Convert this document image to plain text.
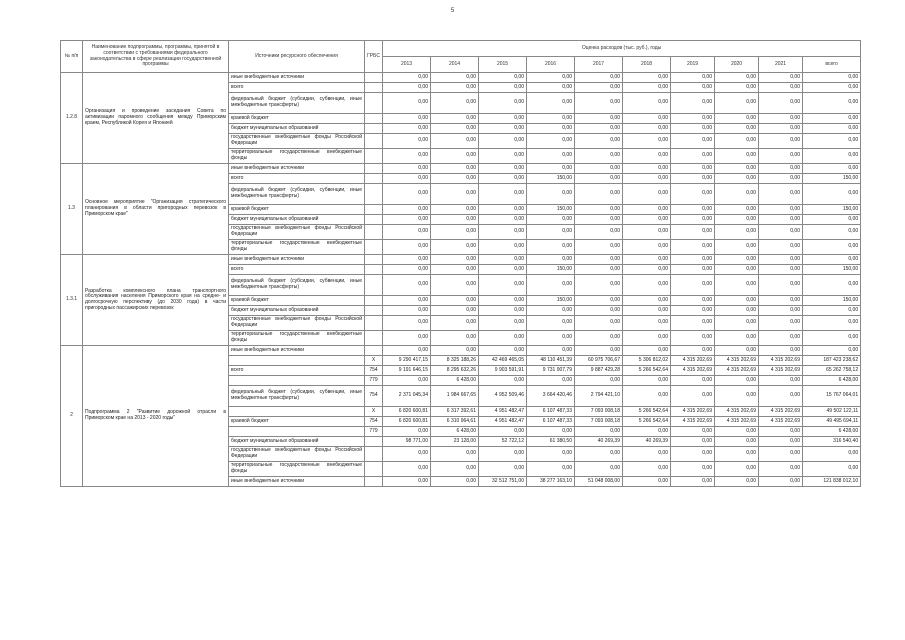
5
№ п/п	Наименование подпрограммы, программы, принятой в соответствии с требованиями федерального законодательства в сфере реализации государственной программы	Источники ресурсного обеспечения	ГРБС	Оценка расходов (тыс. руб.), годы									
				2013	2014	2015	2016	2017	2018	2019	2020	2021	всего
1.2.8	Организация и проведение заседания Совета по активизации паромного сообщения между Приморским краем, Республикой Корея и Японией	иные внебюджетные источники		0,00	0,00	0,00	0,00	0,00	0,00	0,00	0,00	0,00	0,00
		всего		0,00	0,00	0,00	0,00	0,00	0,00	0,00	0,00	0,00	0,00
		федеральный бюджет (субсидии, субвенции, иные межбюджетные трансферты)		0,00	0,00	0,00	0,00	0,00	0,00	0,00	0,00	0,00	0,00
		краевой бюджет		0,00	0,00	0,00	0,00	0,00	0,00	0,00	0,00	0,00	0,00
		бюджет муниципальных образований		0,00	0,00	0,00	0,00	0,00	0,00	0,00	0,00	0,00	0,00
		государственные внебюджетные фонды Российской Федерации		0,00	0,00	0,00	0,00	0,00	0,00	0,00	0,00	0,00	0,00
		территориальные государственные внебюджетные фонды		0,00	0,00	0,00	0,00	0,00	0,00	0,00	0,00	0,00	0,00
1.3	Основное мероприятие "Организация стратегического планирования в области пригородных перевозок в Приморском крае"	иные внебюджетные источники		0,00	0,00	0,00	0,00	0,00	0,00	0,00	0,00	0,00	0,00
		всего		0,00	0,00	0,00	150,00	0,00	0,00	0,00	0,00	0,00	150,00
		федеральный бюджет (субсидии, субвенции, иные межбюджетные трансферты)		0,00	0,00	0,00	0,00	0,00	0,00	0,00	0,00	0,00	0,00
		краевой бюджет		0,00	0,00	0,00	150,00	0,00	0,00	0,00	0,00	0,00	150,00
		бюджет муниципальных образований		0,00	0,00	0,00	0,00	0,00	0,00	0,00	0,00	0,00	0,00
		государственные внебюджетные фонды Российской Федерации		0,00	0,00	0,00	0,00	0,00	0,00	0,00	0,00	0,00	0,00
		территориальные государственные внебюджетные фонды		0,00	0,00	0,00	0,00	0,00	0,00	0,00	0,00	0,00	0,00
1.3.1	Разработка комплексного плана транспортного обслуживания населения Приморского края на средне- и долгосрочную перспективу (до 2030 года) в части пригородных пассажирских перевозок	иные внебюджетные источники		0,00	0,00	0,00	0,00	0,00	0,00	0,00	0,00	0,00	0,00
		всего		0,00	0,00	0,00	150,00	0,00	0,00	0,00	0,00	0,00	150,00
		федеральный бюджет (субсидии, субвенции, иные межбюджетные трансферты)		0,00	0,00	0,00	0,00	0,00	0,00	0,00	0,00	0,00	0,00
		краевой бюджет		0,00	0,00	0,00	150,00	0,00	0,00	0,00	0,00	0,00	150,00
		бюджет муниципальных образований		0,00	0,00	0,00	0,00	0,00	0,00	0,00	0,00	0,00	0,00
		государственные внебюджетные фонды Российской Федерации		0,00	0,00	0,00	0,00	0,00	0,00	0,00	0,00	0,00	0,00
		территориальные государственные внебюджетные фонды		0,00	0,00	0,00	0,00	0,00	0,00	0,00	0,00	0,00	0,00
2	Подпрограмма 2 "Развитие дорожной отрасли в Приморском крае на 2013 - 2020 годы"	иные внебюджетные источники		0,00	0,00	0,00	0,00	0,00	0,00	0,00	0,00	0,00	0,00
			X	9 290 417,15	8 325 188,26	42 469 465,05	48 110 451,39	60 975 706,67	5 306 812,02	4 315 202,69	4 315 202,69	4 315 202,69	187 423 238,62
		всего	754	9 191 646,15	8 295 632,26	9 903 591,91	9 731 907,79	9 887 429,28	5 266 542,64	4 315 202,69	4 315 202,69	4 315 202,69	65 262 758,12
			779	0,00	6 428,00	0,00	0,00	0,00	0,00	0,00	0,00	0,00	6 428,00
		федеральный бюджет (субсидии, субвенции, иные межбюджетные трансферты)	754	2 371 045,34	1 984 667,65	4 952 509,46	3 664 420,46	2 794 421,10	0,00	0,00	0,00	0,00	15 767 064,01
			X	6 820 600,81	6 317 392,61	4 951 482,47	6 107 487,33	7 093 008,18	5 266 542,64	4 315 202,69	4 315 202,69	4 315 202,69	49 502 122,11
		краевой бюджет	754	6 820 600,81	6 310 964,61	4 951 482,47	6 107 487,33	7 093 008,18	5 266 542,64	4 315 202,69	4 315 202,69	4 315 202,69	49 495 694,11
			779	0,00	6 428,00	0,00	0,00	0,00	0,00	0,00	0,00	0,00	6 428,00
		бюджет муниципальных образований		98 771,00	23 128,00	52 722,12	61 380,50	40 269,39	40 269,39	0,00	0,00	0,00	316 540,40
		государственные внебюджетные фонды Российской Федерации		0,00	0,00	0,00	0,00	0,00	0,00	0,00	0,00	0,00	0,00
		территориальные государственные внебюджетные фонды		0,00	0,00	0,00	0,00	0,00	0,00	0,00	0,00	0,00	0,00
		иные внебюджетные источники		0,00	0,00	32 512 751,00	38 277 163,10	51 048 008,00	0,00	0,00	0,00	0,00	121 838 012,10
